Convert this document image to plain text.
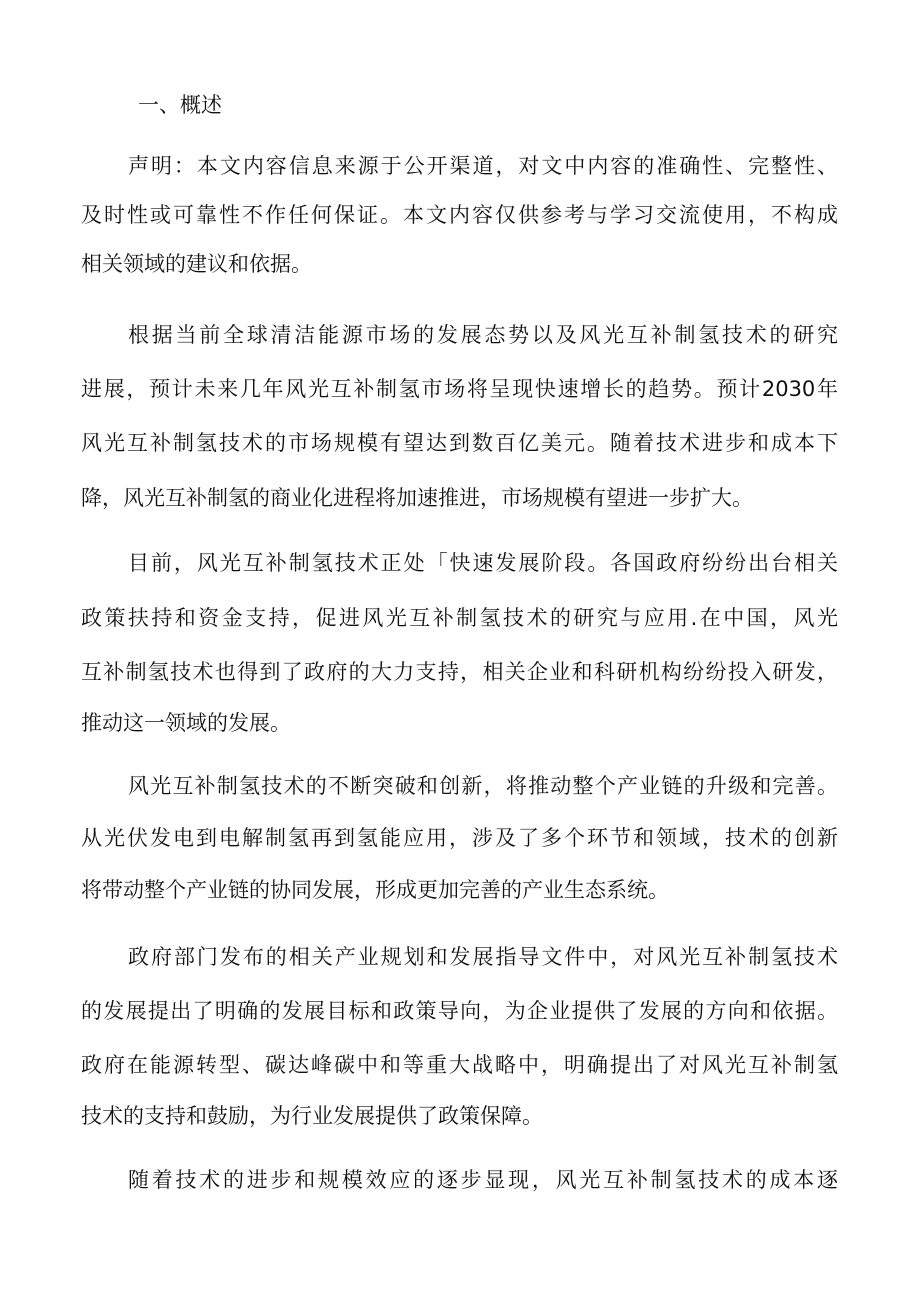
一、概述
声明：本文内容信息来源于公开渠道，对文中内容的准确性、完整性、
及时性或可靠性不作任何保证。本文内容仅供参考与学习交流使用，不构成
相关领域的建议和依据。
根据当前全球清洁能源市场的发展态势以及风光互补制氢技术的研究
进展，预计未来几年风光互补制氢市场将呈现快速增长的趋势。预计2030年
风光互补制氢技术的市场规模有望达到数百亿美元。随着技术进步和成本下
降，风光互补制氢的商业化进程将加速推进，市场规模有望进一步扩大。
目前，风光互补制氢技术正处「快速发展阶段。各国政府纷纷出台相关
政策扶持和资金支持，促进风光互补制氢技术的研究与应用.在中国，风光
互补制氢技术也得到了政府的大力支持，相关企业和科研机构纷纷投入研发，
推动这一领域的发展。
风光互补制氢技术的不断突破和创新，将推动整个产业链的升级和完善。
从光伏发电到电解制氢再到氢能应用，涉及了多个环节和领域，技术的创新
将带动整个产业链的协同发展，形成更加完善的产业生态系统。
政府部门发布的相关产业规划和发展指导文件中，对风光互补制氢技术
的发展提出了明确的发展目标和政策导向，为企业提供了发展的方向和依据。
政府在能源转型、碳达峰碳中和等重大战略中，明确提出了对风光互补制氢
技术的支持和鼓励，为行业发展提供了政策保障。
随着技术的进步和规模效应的逐步显现，风光互补制氢技术的成本逐
